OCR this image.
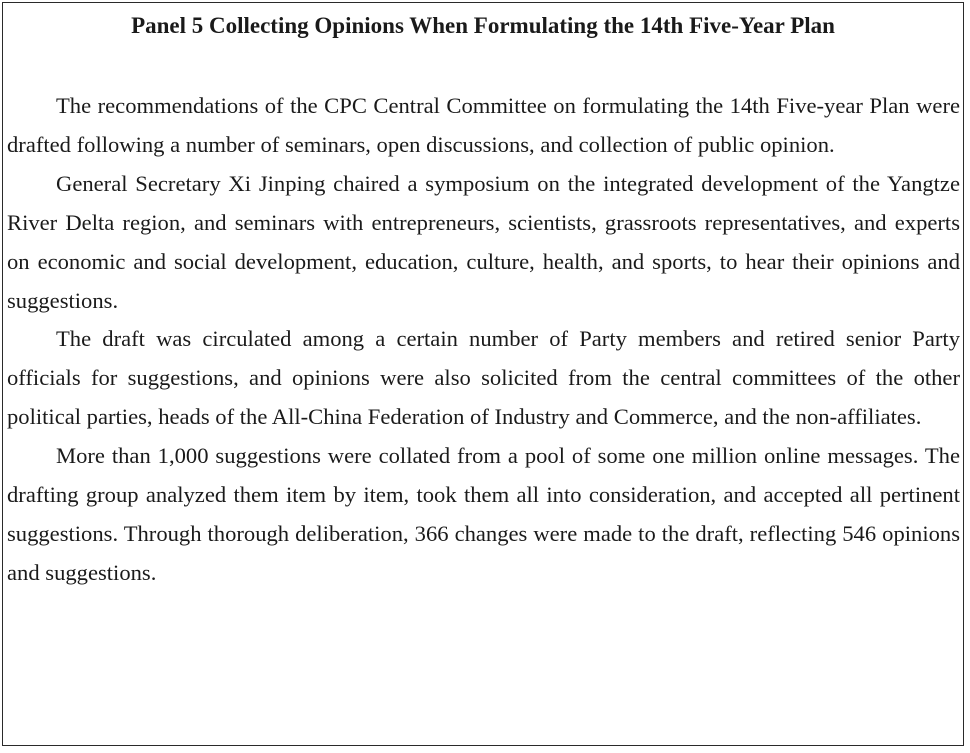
Panel 5 Collecting Opinions When Formulating the 14th Five-Year Plan

The recommendations of the CPC Central Committee on formulating the 14th Five-year Plan were drafted following a number of seminars, open discussions, and collection of public opinion.

General Secretary Xi Jinping chaired a symposium on the integrated development of the Yangtze River Delta region, and seminars with entrepreneurs, scientists, grassroots representatives, and experts on economic and social development, education, culture, health, and sports, to hear their opinions and suggestions.

The draft was circulated among a certain number of Party members and retired senior Party officials for suggestions, and opinions were also solicited from the central committees of the other political parties, heads of the All-China Federation of Industry and Commerce, and the non-affiliates.

More than 1,000 suggestions were collated from a pool of some one million online messages. The drafting group analyzed them item by item, took them all into consideration, and accepted all pertinent suggestions. Through thorough deliberation, 366 changes were made to the draft, reflecting 546 opinions and suggestions.
